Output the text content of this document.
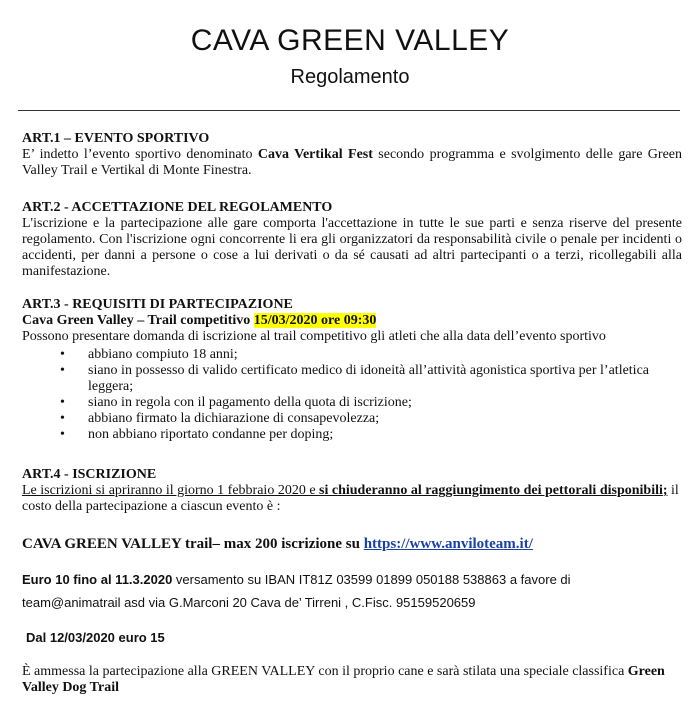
CAVA GREEN VALLEY
Regolamento
ART.1 – EVENTO SPORTIVO
E’ indetto l’evento sportivo denominato Cava Vertikal Fest secondo programma e svolgimento delle gare Green Valley Trail e Vertikal di Monte Finestra.
ART.2 - ACCETTAZIONE DEL REGOLAMENTO
L'iscrizione e la partecipazione alle gare comporta l'accettazione in tutte le sue parti e senza riserve del presente regolamento. Con l'iscrizione ogni concorrente li era gli organizzatori da responsabilità civile o penale per incidenti o accidenti, per danni a persone o cose a lui derivati o da sé causati ad altri partecipanti o a terzi, ricollegabili alla manifestazione.
ART.3 - REQUISITI DI PARTECIPAZIONE
Cava Green Valley – Trail competitivo 15/03/2020 ore 09:30
Possono presentare domanda di iscrizione al trail competitivo gli atleti che alla data dell’evento sportivo
• abbiano compiuto 18 anni;
• siano in possesso di valido certificato medico di idoneità all’attività agonistica sportiva per l’atletica leggera;
• siano in regola con il pagamento della quota di iscrizione;
• abbiano firmato la dichiarazione di consapevolezza;
• non abbiano riportato condanne per doping;
ART.4 - ISCRIZIONE
Le iscrizioni si apriranno il giorno 1 febbraio 2020 e si chiuderanno al raggiungimento dei pettorali disponibili; il costo della partecipazione a ciascun evento è :
CAVA GREEN VALLEY trail– max 200 iscrizione su https://www.anviloteam.it/
Euro 10 fino al 11.3.2020 versamento su IBAN IT81Z 03599 01899 050188 538863 a favore di
team@animatrail asd via G.Marconi 20 Cava de’ Tirreni , C.Fisc. 95159520659
Dal 12/03/2020 euro 15
È ammessa la partecipazione alla GREEN VALLEY con il proprio cane e sarà stilata una speciale classifica Green Valley Dog Trail
